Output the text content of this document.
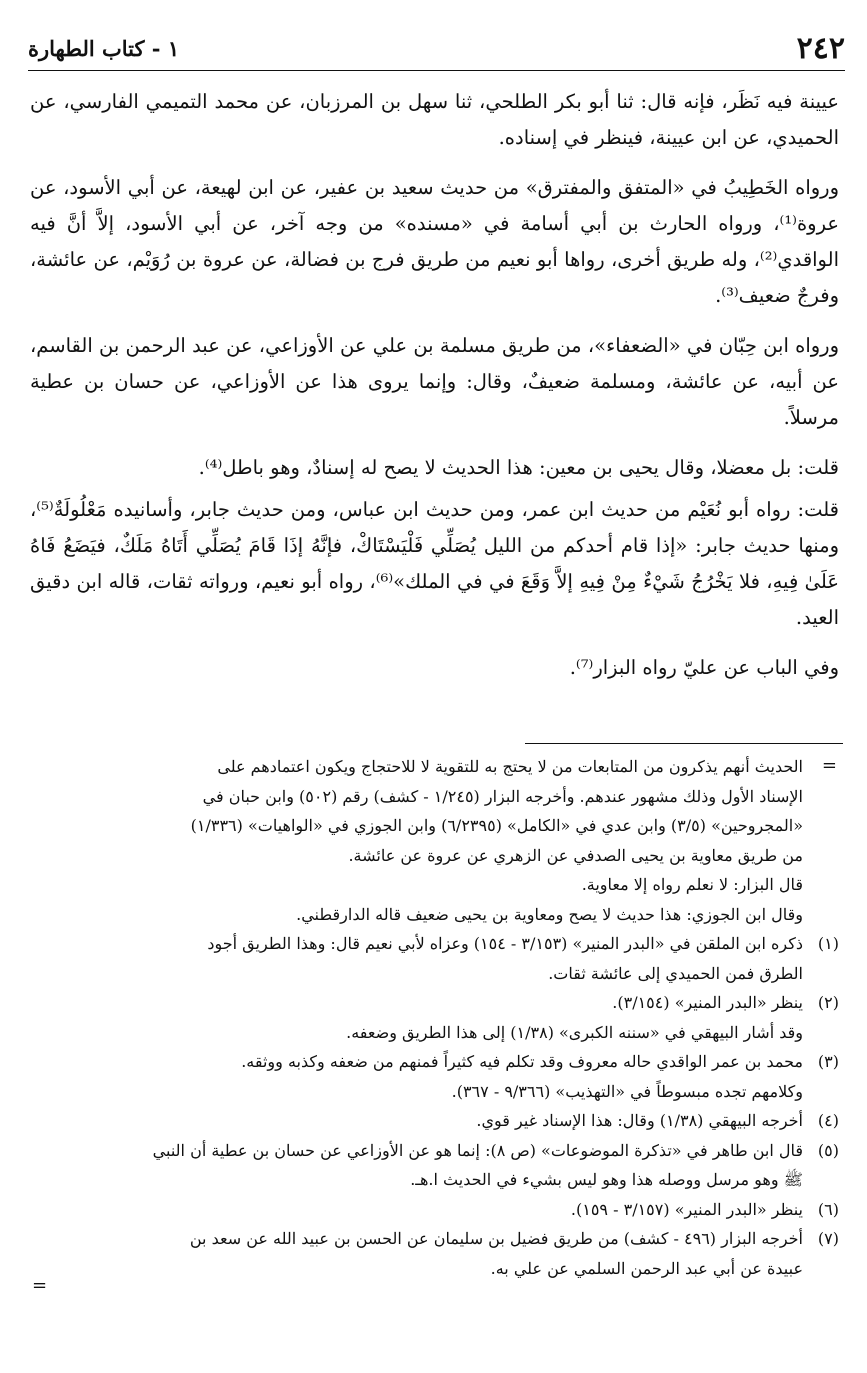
٢٤٢
١ - كتاب الطهارة

عيينة فيه نَظَر، فإنه قال: ثنا أبو بكر الطلحي، ثنا سهل بن المرزبان، عن محمد التميمي الفارسي، عن الحميدي، عن ابن عيينة، فينظر في إسناده.

ورواه الخَطِيبُ في «المتفق والمفترق» من حديث سعيد بن عفير، عن ابن لهيعة، عن أبي الأسود، عن عروة⁽¹⁾، ورواه الحارث بن أبي أسامة في «مسنده» من وجه آخر، عن أبي الأسود، إلاَّ أنَّ فيه الواقدي⁽²⁾، وله طريق أخرى، رواها أبو نعيم من طريق فرج بن فضالة، عن عروة بن رُوَيْم، عن عائشة، وفرجٌ ضعيف⁽³⁾.

ورواه ابن حِبّان في «الضعفاء»، من طريق مسلمة بن علي عن الأوزاعي، عن عبد الرحمن بن القاسم، عن أبيه، عن عائشة، ومسلمة ضعيفٌ، وقال: وإنما يروى هذا عن الأوزاعي، عن حسان بن عطية مرسلاً.

قلت: بل معضلا، وقال يحيى بن معين: هذا الحديث لا يصح له إسنادٌ، وهو باطل⁽⁴⁾.

قلت: رواه أبو نُعَيْم من حديث ابن عمر، ومن حديث ابن عباس، ومن حديث جابر، وأسانيده مَعْلُولَةٌ⁽⁵⁾، ومنها حديث جابر: «إذا قام أحدكم من الليل يُصَلِّي فَلْيَسْتَاكْ، فإنَّهُ إذَا قَامَ يُصَلِّي أَتَاهُ مَلَكٌ، فيَضَعُ فَاهُ عَلَىٰ فِيهِ، فلا يَخْرُجُ شَيْءٌ مِنْ فِيهِ إلاَّ وَقَعَ في في الملك»⁽⁶⁾، رواه أبو نعيم، ورواته ثقات، قاله ابن دقيق العيد.

وفي الباب عن عليّ رواه البزار⁽⁷⁾.

=
الحديث أنهم يذكرون من المتابعات من لا يحتج به للتقوية لا للاحتجاج ويكون اعتمادهم على
الإسناد الأول وذلك مشهور عندهم. وأخرجه البزار (١/٢٤٥ - كشف) رقم (٥٠٢) وابن حبان في
«المجروحين» (٣/٥) وابن عدي في «الكامل» (٦/٢٣٩٥) وابن الجوزي في «الواهيات» (١/٣٣٦)
من طريق معاوية بن يحيى الصدفي عن الزهري عن عروة عن عائشة.
قال البزار: لا نعلم رواه إلا معاوية.
وقال ابن الجوزي: هذا حديث لا يصح ومعاوية بن يحيى ضعيف قاله الدارقطني.
(١)
ذكره ابن الملقن في «البدر المنير» (٣/١٥٣ - ١٥٤) وعزاه لأبي نعيم قال: وهذا الطريق أجود
الطرق فمن الحميدي إلى عائشة ثقات.
(٢)
ينظر «البدر المنير» (٣/١٥٤).
وقد أشار البيهقي في «سننه الكبرى» (١/٣٨) إلى هذا الطريق وضعفه.
(٣)
محمد بن عمر الواقدي حاله معروف وقد تكلم فيه كثيراً فمنهم من ضعفه وكذبه ووثقه.
وكلامهم تجده مبسوطاً في «التهذيب» (٩/٣٦٦ - ٣٦٧).
(٤)
أخرجه البيهقي (١/٣٨) وقال: هذا الإسناد غير قوي.
(٥)
قال ابن طاهر في «تذكرة الموضوعات» (ص ٨): إنما هو عن الأوزاعي عن حسان بن عطية أن النبي
ﷺ وهو مرسل ووصله هذا وهو ليس بشيء في الحديث ا.هـ.
(٦)
ينظر «البدر المنير» (٣/١٥٧ - ١٥٩).
(٧)
أخرجه البزار (٤٩٦ - كشف) من طريق فضيل بن سليمان عن الحسن بن عبيد الله عن سعد بن
عبيدة عن أبي عبد الرحمن السلمي عن علي به.
=
